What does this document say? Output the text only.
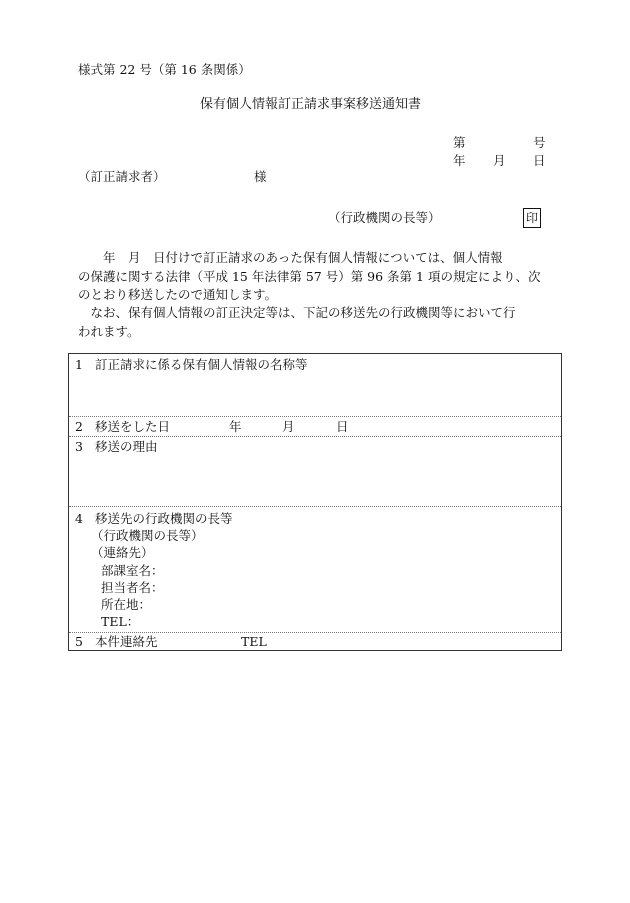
様式第 22 号（第 16 条関係）
保有個人情報訂正請求事案移送通知書
第	号
年 月 日
（訂正請求者）	様
（行政機関の長等）	印
　　年　月　日付けで訂正請求のあった保有個人情報については、個人情報
の保護に関する法律（平成 15 年法律第 57 号）第 96 条第 1 項の規定により、次
のとおり移送したので通知します。
　なお、保有個人情報の訂正決定等は、下記の移送先の行政機関等において行
われます。
1 訂正請求に係る保有個人情報の名称等
2 移送をした日	年	月	日
3 移送の理由
4 移送先の行政機関の長等
（行政機関の長等）
（連絡先）
部課室名：
担当者名：
所在地：
TEL：
5 本件連絡先	TEL
